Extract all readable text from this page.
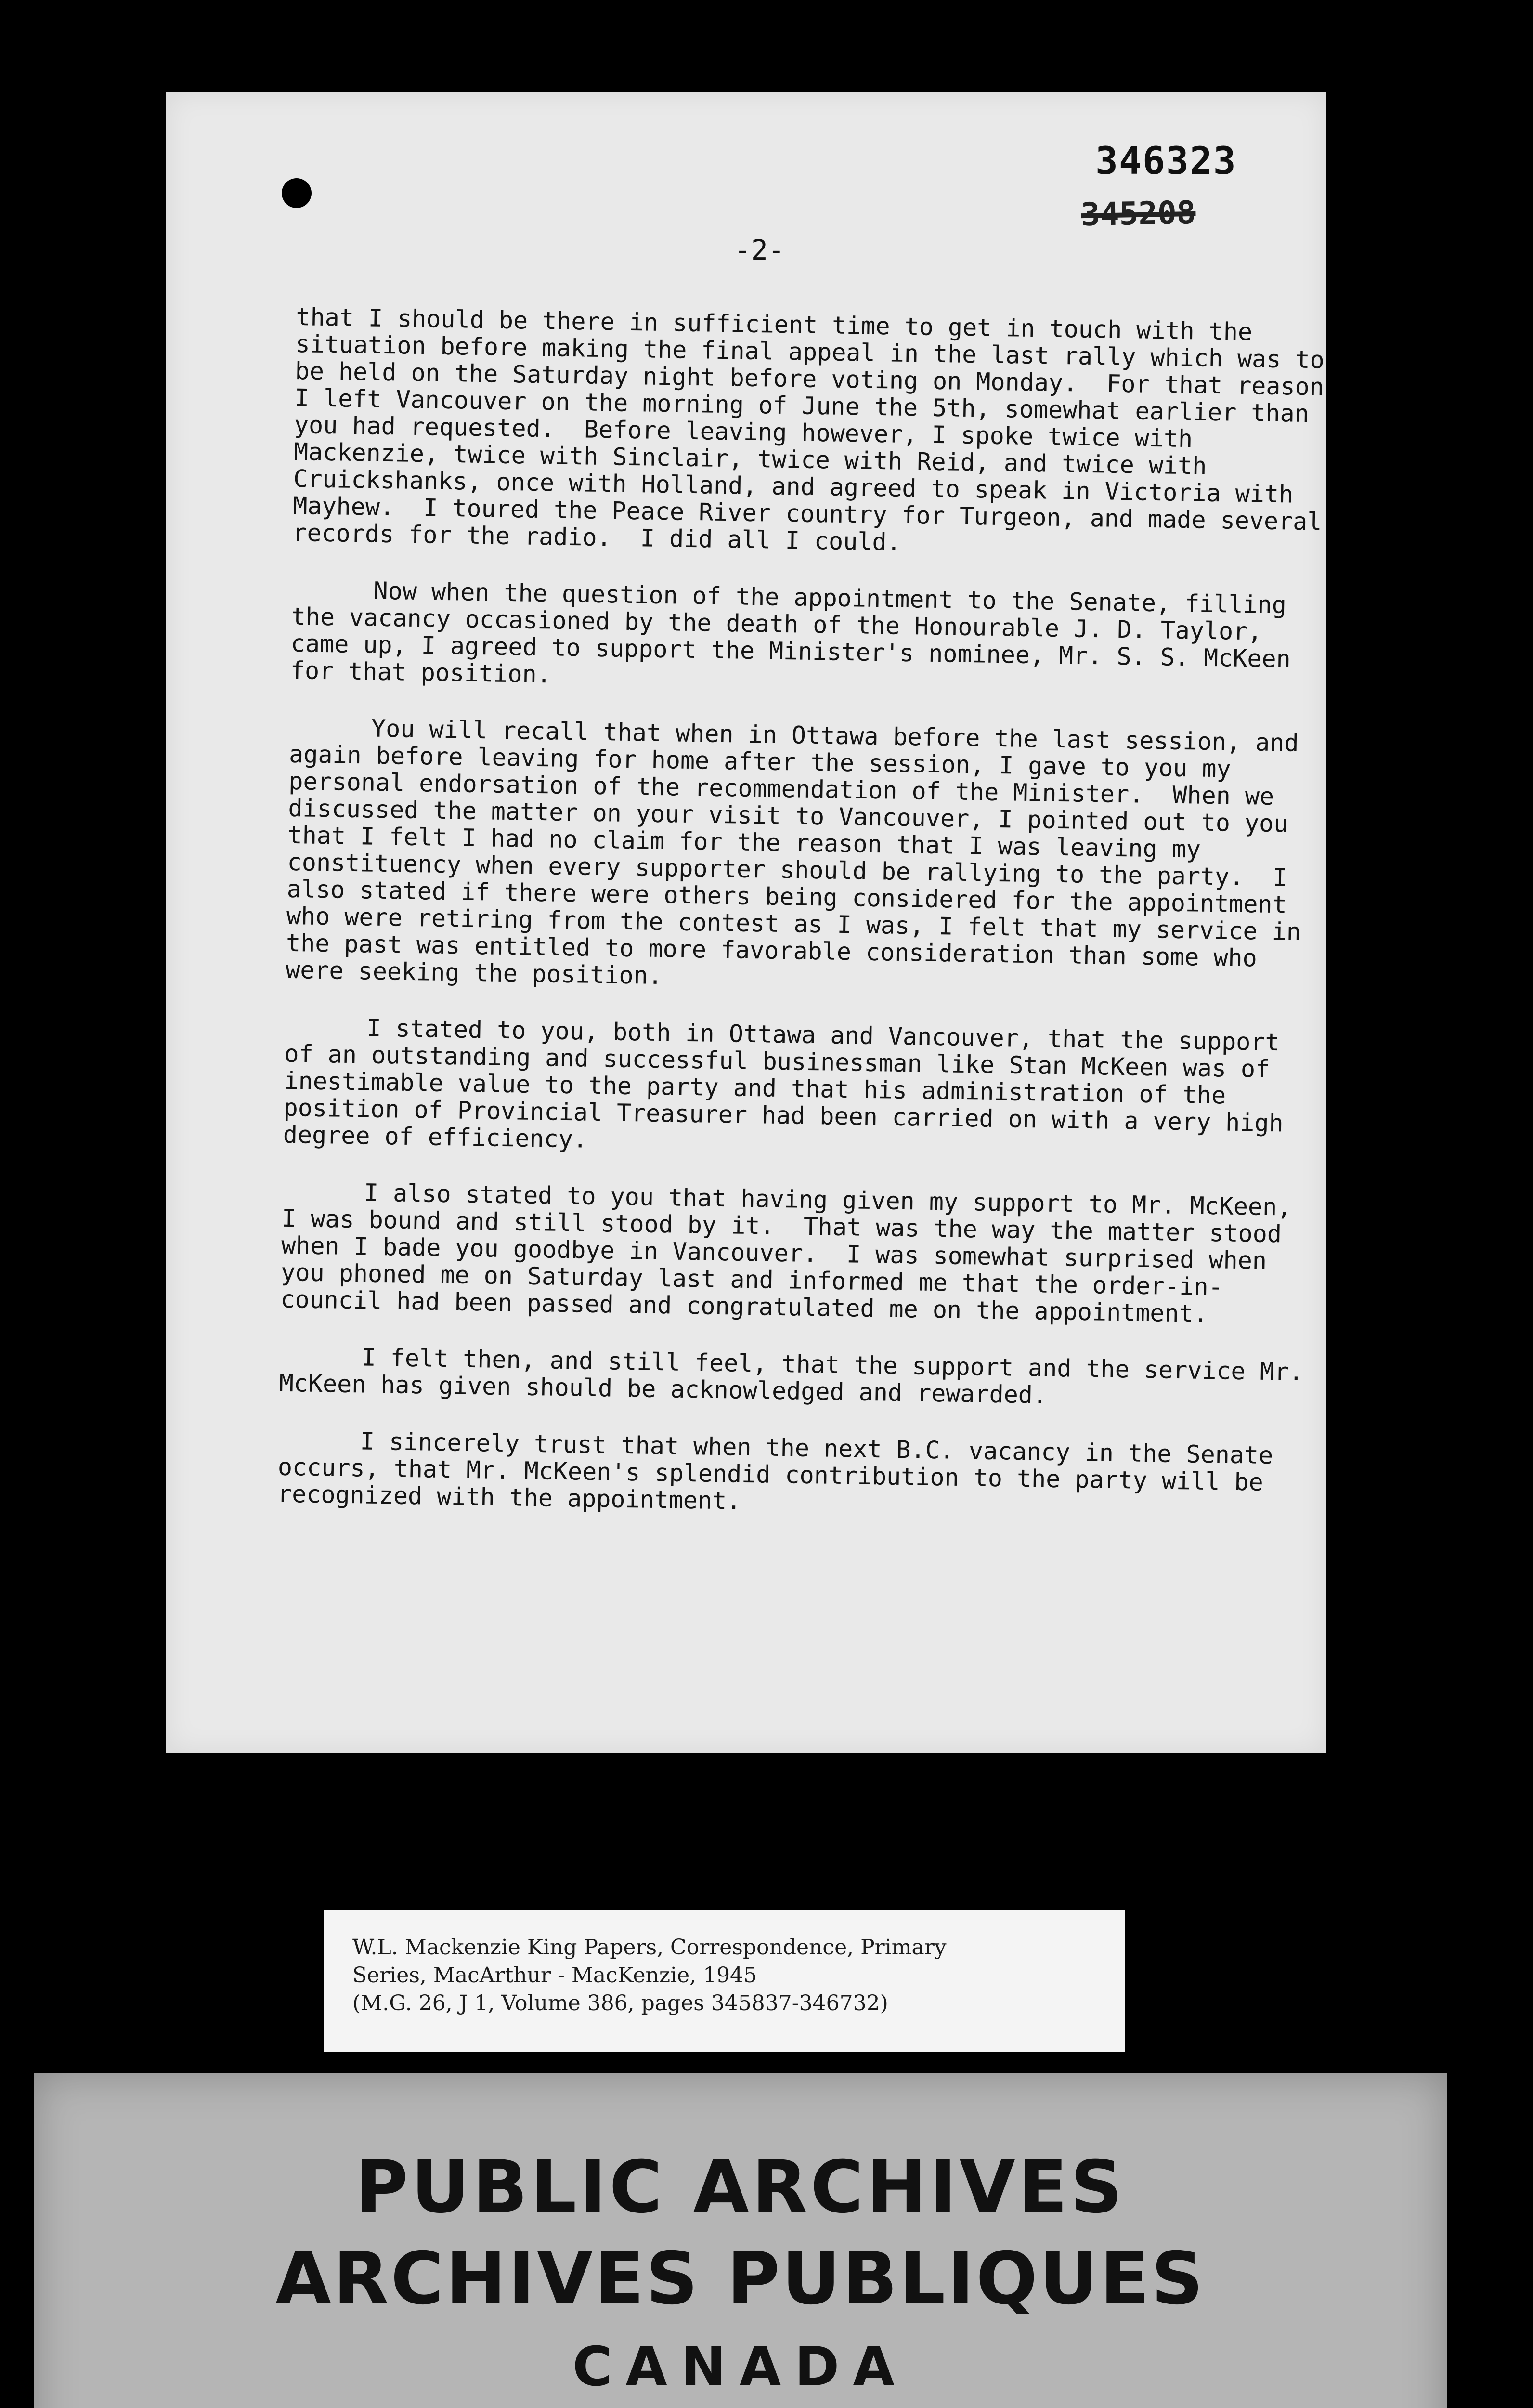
346323
345208
-2-

that I should be there in sufficient time to get in touch with the situation before making the final appeal in the last rally which was to be held on the Saturday night before voting on Monday.  For that reason I left Vancouver on the morning of June the 5th, somewhat earlier than you had requested.  Before leaving however, I spoke twice with Mackenzie, twice with Sinclair, twice with Reid, and twice with Cruickshanks, once with Holland, and agreed to speak in Victoria with Mayhew.  I toured the Peace River country for Turgeon, and made several records for the radio.  I did all I could.

Now when the question of the appointment to the Senate, filling the vacancy occasioned by the death of the Honourable J. D. Taylor, came up, I agreed to support the Minister's nominee, Mr. S. S. McKeen for that position.

You will recall that when in Ottawa before the last session, and again before leaving for home after the session, I gave to you my personal endorsation of the recommendation of the Minister.  When we discussed the matter on your visit to Vancouver, I pointed out to you that I felt I had no claim for the reason that I was leaving my constituency when every supporter should be rallying to the party.  I also stated if there were others being considered for the appointment who were retiring from the contest as I was, I felt that my service in the past was entitled to more favorable consideration than some who were seeking the position.

I stated to you, both in Ottawa and Vancouver, that the support of an outstanding and successful businessman like Stan McKeen was of inestimable value to the party and that his administration of the position of Provincial Treasurer had been carried on with a very high degree of efficiency.

I also stated to you that having given my support to Mr. McKeen, I was bound and still stood by it.  That was the way the matter stood when I bade you goodbye in Vancouver.  I was somewhat surprised when you phoned me on Saturday last and informed me that the order-in-council had been passed and congratulated me on the appointment.

I felt then, and still feel, that the support and the service Mr. McKeen has given should be acknowledged and rewarded.

I sincerely trust that when the next B.C. vacancy in the Senate occurs, that Mr. McKeen's splendid contribution to the party will be recognized with the appointment.

W.L. Mackenzie King Papers, Correspondence, Primary
Series, MacArthur - MacKenzie, 1945
(M.G. 26, J 1, Volume 386, pages 345837-346732)
PUBLIC ARCHIVES
ARCHIVES PUBLIQUES
CANADA
